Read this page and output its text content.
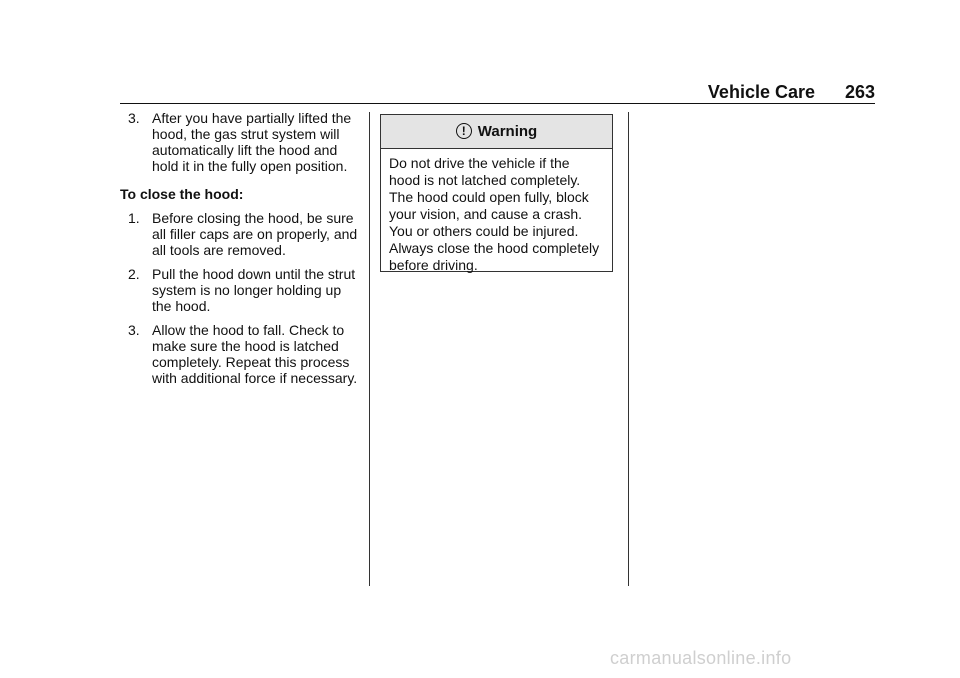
Vehicle Care 263
3. After you have partially lifted the hood, the gas strut system will automatically lift the hood and hold it in the fully open position.
To close the hood:
1. Before closing the hood, be sure all filler caps are on properly, and all tools are removed.
2. Pull the hood down until the strut system is no longer holding up the hood.
3. Allow the hood to fall. Check to make sure the hood is latched completely. Repeat this process with additional force if necessary.
! Warning
Do not drive the vehicle if the hood is not latched completely. The hood could open fully, block your vision, and cause a crash. You or others could be injured. Always close the hood completely before driving.
carmanualsonline.info
